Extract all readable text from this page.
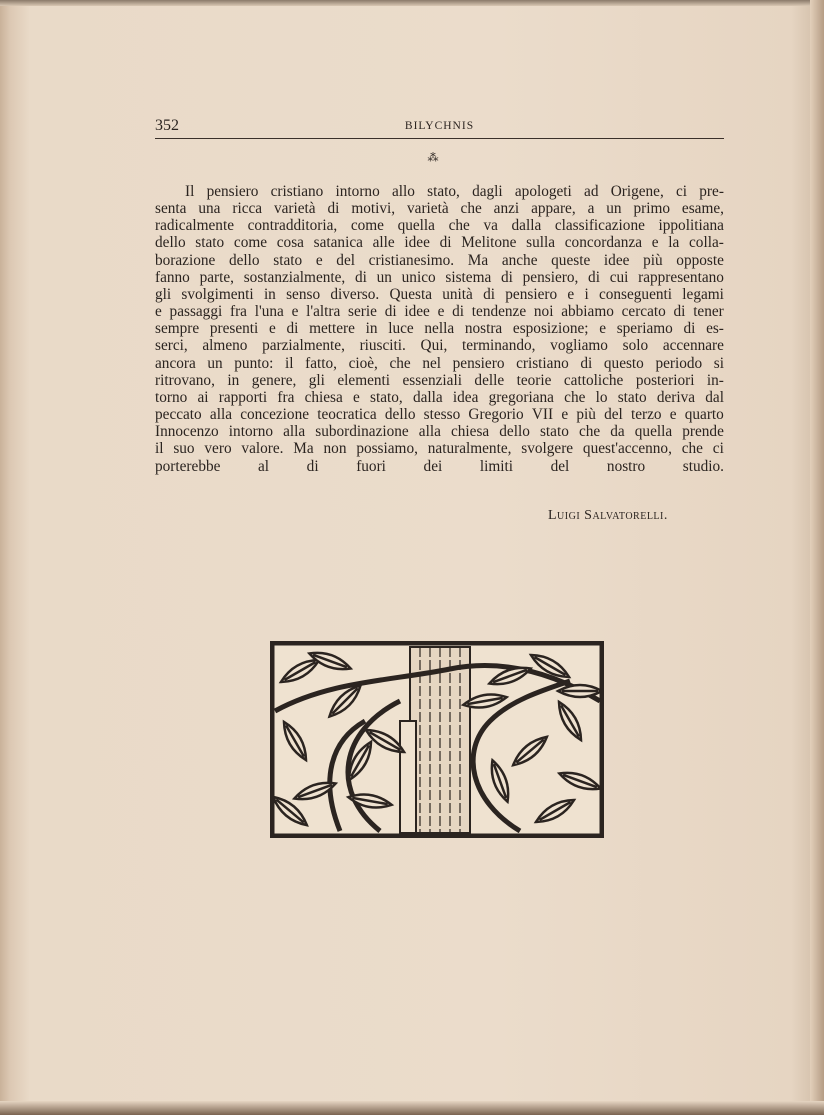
352	BILYCHNIS
⁂
Il pensiero cristiano intorno allo stato, dagli apologeti ad Origene, ci pre-
senta una ricca varietà di motivi, varietà che anzi appare, a un primo esame,
radicalmente contradditoria, come quella che va dalla classificazione ippolitiana
dello stato come cosa satanica alle idee di Melitone sulla concordanza e la colla-
borazione dello stato e del cristianesimo. Ma anche queste idee più opposte
fanno parte, sostanzialmente, di un unico sistema di pensiero, di cui rappresentano
gli svolgimenti in senso diverso. Questa unità di pensiero e i conseguenti legami
e passaggi fra l'una e l'altra serie di idee e di tendenze noi abbiamo cercato di tener
sempre presenti e di mettere in luce nella nostra esposizione; e speriamo di es-
serci, almeno parzialmente, riusciti. Qui, terminando, vogliamo solo accennare
ancora un punto: il fatto, cioè, che nel pensiero cristiano di questo periodo si
ritrovano, in genere, gli elementi essenziali delle teorie cattoliche posteriori in-
torno ai rapporti fra chiesa e stato, dalla idea gregoriana che lo stato deriva dal
peccato alla concezione teocratica dello stesso Gregorio VII e più del terzo e quarto
Innocenzo intorno alla subordinazione alla chiesa dello stato che da quella prende
il suo vero valore. Ma non possiamo, naturalmente, svolgere quest'accenno, che ci
porterebbe al di fuori dei limiti del nostro studio.
Luigi Salvatorelli.
